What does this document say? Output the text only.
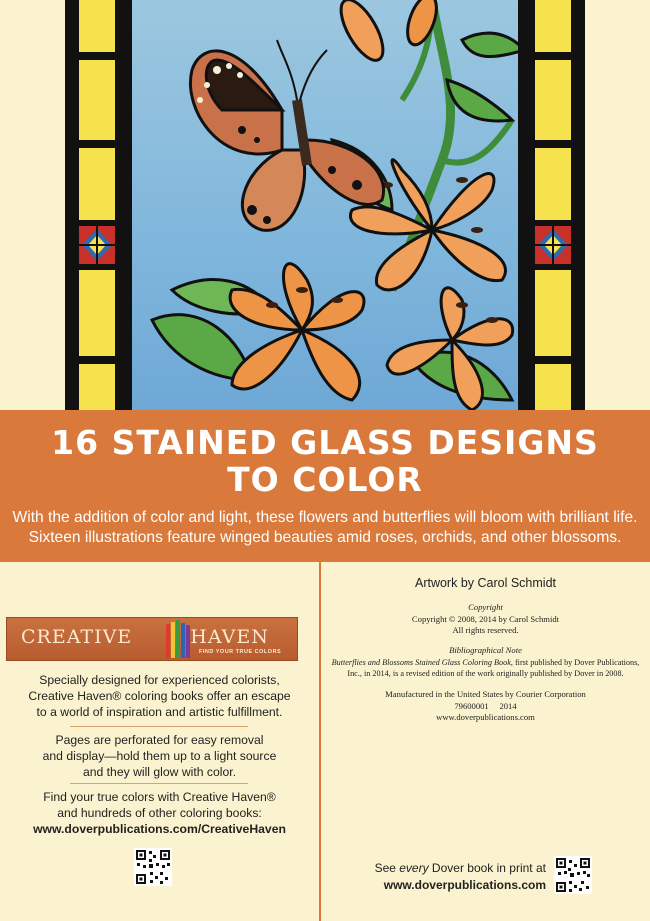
16 STAINED GLASS DESIGNS
TO COLOR
With the addition of color and light, these flowers and butterflies will bloom with brilliant life.
Sixteen illustrations feature winged beauties amid roses, orchids, and other blossoms.
CREATIVE	HAVEN
FIND YOUR TRUE COLORS
Specially designed for experienced colorists,
Creative Haven® coloring books offer an escape
to a world of inspiration and artistic fulfillment.
Pages are perforated for easy removal
and display—hold them up to a light source
and they will glow with color.
Find your true colors with Creative Haven®
and hundreds of other coloring books:
www.doverpublications.com/CreativeHaven
Artwork by Carol Schmidt
Copyright
Copyright © 2008, 2014 by Carol Schmidt
All rights reserved.
Bibliographical Note
Butterflies and Blossoms Stained Glass Coloring Book, first published by Dover Publications,
Inc., in 2014, is a revised edition of the work originally published by Dover in 2008.
Manufactured in the United States by Courier Corporation
79600001     2014
www.doverpublications.com
See every Dover book in print at
www.doverpublications.com
